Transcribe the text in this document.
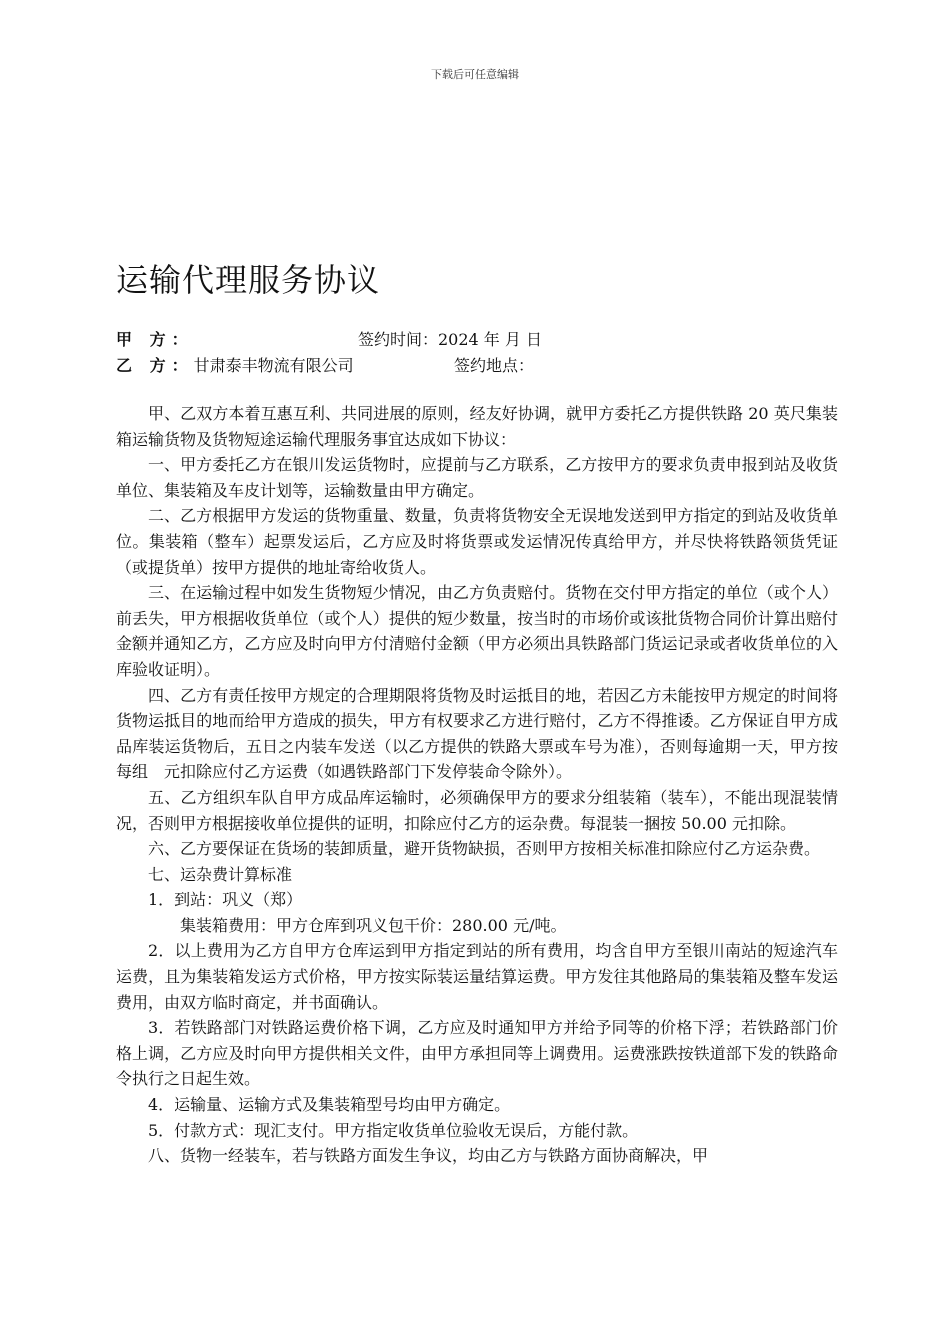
下载后可任意编辑
运输代理服务协议
甲 方：	签约时间：2024 年 月 日
乙 方：甘肃泰丰物流有限公司	签约地点：

甲、乙双方本着互惠互利、共同进展的原则，经友好协调，就甲方委托乙方提供铁路 20 英尺集装箱运输货物及货物短途运输代理服务事宜达成如下协议：

一、甲方委托乙方在银川发运货物时，应提前与乙方联系，乙方按甲方的要求负责申报到站及收货单位、集装箱及车皮计划等，运输数量由甲方确定。

二、乙方根据甲方发运的货物重量、数量，负责将货物安全无误地发送到甲方指定的到站及收货单位。集装箱（整车）起票发运后，乙方应及时将货票或发运情况传真给甲方，并尽快将铁路领货凭证（或提货单）按甲方提供的地址寄给收货人。

三、在运输过程中如发生货物短少情况，由乙方负责赔付。货物在交付甲方指定的单位（或个人）前丢失，甲方根据收货单位（或个人）提供的短少数量，按当时的市场价或该批货物合同价计算出赔付金额并通知乙方，乙方应及时向甲方付清赔付金额（甲方必须出具铁路部门货运记录或者收货单位的入库验收证明）。

四、乙方有责任按甲方规定的合理期限将货物及时运抵目的地，若因乙方未能按甲方规定的时间将货物运抵目的地而给甲方造成的损失，甲方有权要求乙方进行赔付，乙方不得推诿。乙方保证自甲方成品库装运货物后，五日之内装车发送（以乙方提供的铁路大票或车号为准），否则每逾期一天，甲方按每组　元扣除应付乙方运费（如遇铁路部门下发停装命令除外）。

五、乙方组织车队自甲方成品库运输时，必须确保甲方的要求分组装箱（装车），不能出现混装情况，否则甲方根据接收单位提供的证明，扣除应付乙方的运杂费。每混装一捆按 50.00 元扣除。

六、乙方要保证在货场的装卸质量，避开货物缺损，否则甲方按相关标准扣除应付乙方运杂费。

七、运杂费计算标准

1．到站：巩义（郑）

集装箱费用：甲方仓库到巩义包干价：280.00 元/吨。

2．以上费用为乙方自甲方仓库运到甲方指定到站的所有费用，均含自甲方至银川南站的短途汽车运费，且为集装箱发运方式价格，甲方按实际装运量结算运费。甲方发往其他路局的集装箱及整车发运费用，由双方临时商定，并书面确认。

3．若铁路部门对铁路运费价格下调，乙方应及时通知甲方并给予同等的价格下浮；若铁路部门价格上调，乙方应及时向甲方提供相关文件，由甲方承担同等上调费用。运费涨跌按铁道部下发的铁路命令执行之日起生效。

4．运输量、运输方式及集装箱型号均由甲方确定。

5．付款方式：现汇支付。甲方指定收货单位验收无误后，方能付款。

八、货物一经装车，若与铁路方面发生争议，均由乙方与铁路方面协商解决，甲
